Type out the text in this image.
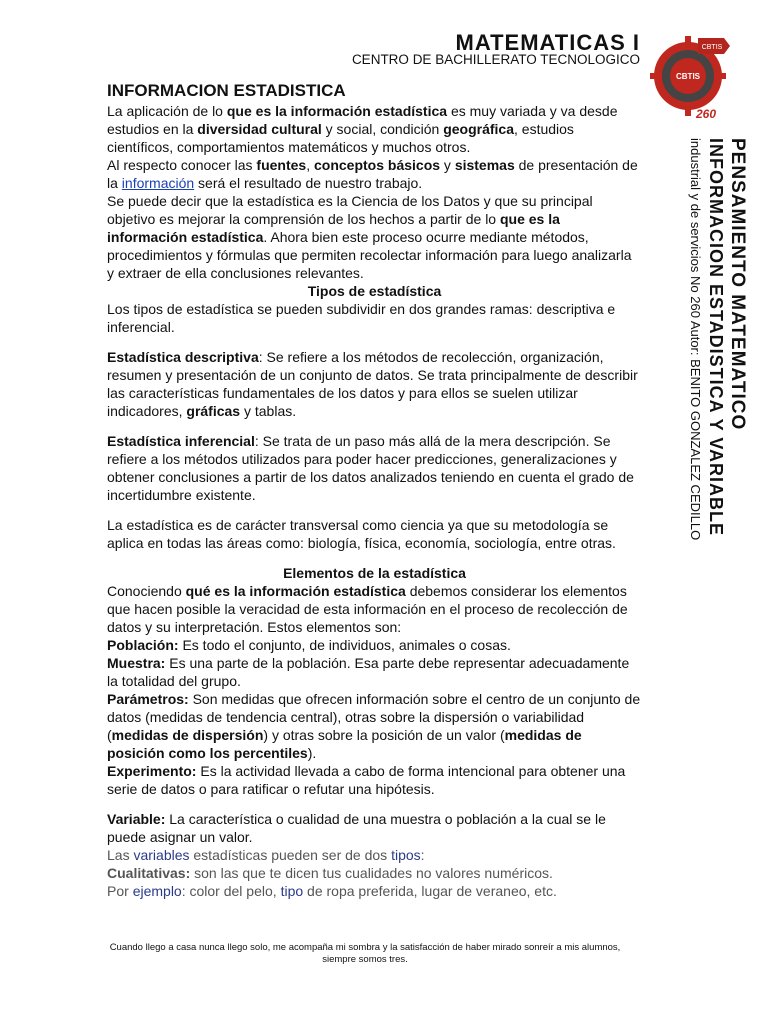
MATEMATICAS I
CENTRO DE BACHILLERATO TECNOLOGICO
CBTIS
CBTIS
260
PENSAMIENTO MATEMATICO
INFORMACION ESTADISTICA Y VARIABLE
industrial y de servicios No 260 Autor: BENITO GONZALEZ CEDILLO
INFORMACION ESTADISTICA

La aplicación de lo que es la información estadística es muy variada y va desde estudios en la diversidad cultural y social, condición geográfica, estudios científicos, comportamientos matemáticos y muchos otros.

Al respecto conocer las fuentes, conceptos básicos y sistemas de presentación de la información será el resultado de nuestro trabajo.

Se puede decir que la estadística es la Ciencia de los Datos y que su principal objetivo es mejorar la comprensión de los hechos a partir de lo que es la información estadística. Ahora bien este proceso ocurre mediante métodos, procedimientos y fórmulas que permiten recolectar información para luego analizarla y extraer de ella conclusiones relevantes.

Tipos de estadística

Los tipos de estadística se pueden subdividir en dos grandes ramas: descriptiva e inferencial.

Estadística descriptiva: Se refiere a los métodos de recolección, organización, resumen y presentación de un conjunto de datos. Se trata principalmente de describir las características fundamentales de los datos y para ellos se suelen utilizar indicadores, gráficas y tablas.

Estadística inferencial: Se trata de un paso más allá de la mera descripción. Se refiere a los métodos utilizados para poder hacer predicciones, generalizaciones y obtener conclusiones a partir de los datos analizados teniendo en cuenta el grado de incertidumbre existente.

La estadística es de carácter transversal como ciencia ya que su metodología se aplica en todas las áreas como: biología, física, economía, sociología, entre otras.

Elementos de la estadística

Conociendo qué es la información estadística debemos considerar los elementos que hacen posible la veracidad de esta información en el proceso de recolección de datos y su interpretación. Estos elementos son:

Población: Es todo el conjunto, de individuos, animales o cosas.

Muestra: Es una parte de la población. Esa parte debe representar adecuadamente la totalidad del grupo.

Parámetros: Son medidas que ofrecen información sobre el centro de un conjunto de datos (medidas de tendencia central), otras sobre la dispersión o variabilidad (medidas de dispersión) y otras sobre la posición de un valor (medidas de posición como los percentiles).

Experimento: Es la actividad llevada a cabo de forma intencional para obtener una serie de datos o para ratificar o refutar una hipótesis.

Variable: La característica o cualidad de una muestra o población a la cual se le puede asignar un valor.

Las variables estadísticas pueden ser de dos tipos:

Cualitativas: son las que te dicen tus cualidades no valores numéricos.

Por ejemplo: color del pelo, tipo de ropa preferida, lugar de veraneo, etc.

Cuando llego a casa nunca llego solo, me acompaña mi sombra y la satisfacción de haber mirado sonreír a mis alumnos, siempre somos tres.
